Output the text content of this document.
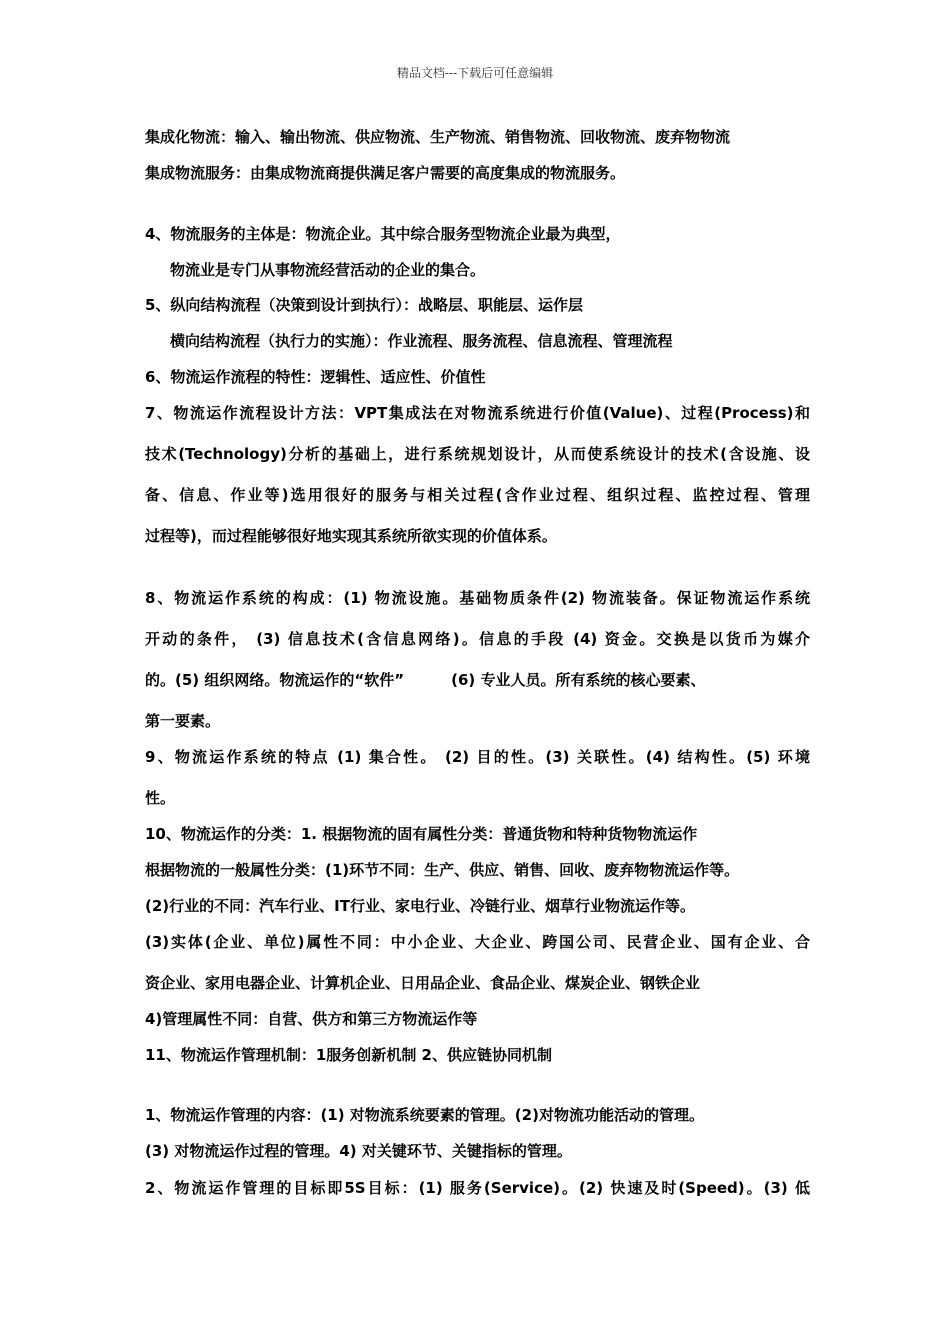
精品文档---下载后可任意编辑
集成化物流：输入、输出物流、供应物流、生产物流、销售物流、回收物流、废弃物物流
集成物流服务：由集成物流商提供满足客户需要的高度集成的物流服务。
4、物流服务的主体是：物流企业。其中综合服务型物流企业最为典型，
物流业是专门从事物流经营活动的企业的集合。
5、纵向结构流程（决策到设计到执行）：战略层、职能层、运作层
横向结构流程（执行力的实施）：作业流程、服务流程、信息流程、管理流程
6、物流运作流程的特性：逻辑性、适应性、价值性
7、物流运作流程设计方法：VPT集成法在对物流系统进行价值(Value)、过程(Process)和
技术(Technology)分析的基础上，进行系统规划设计，从而使系统设计的技术(含设施、设
备、信息、作业等)选用很好的服务与相关过程(含作业过程、组织过程、监控过程、管理
过程等)，而过程能够很好地实现其系统所欲实现的价值体系。
8、物流运作系统的构成：(1) 物流设施。基础物质条件(2) 物流装备。保证物流运作系统
开动的条件， (3) 信息技术(含信息网络)。信息的手段 (4) 资金。交换是以货币为媒介
的。(5) 组织网络。物流运作的“软件”         (6) 专业人员。所有系统的核心要素、
第一要素。
9、物流运作系统的特点 (1) 集合性。 (2) 目的性。(3) 关联性。(4) 结构性。(5) 环境
性。
10、物流运作的分类：1. 根据物流的固有属性分类：普通货物和特种货物物流运作
根据物流的一般属性分类：(1)环节不同：生产、供应、销售、回收、废弃物物流运作等。
(2)行业的不同：汽车行业、IT行业、家电行业、冷链行业、烟草行业物流运作等。
(3)实体(企业、单位)属性不同：中小企业、大企业、跨国公司、民营企业、国有企业、合
资企业、家用电器企业、计算机企业、日用品企业、食品企业、煤炭企业、钢铁企业
4)管理属性不同：自营、供方和第三方物流运作等
11、物流运作管理机制：1服务创新机制 2、供应链协同机制
1、物流运作管理的内容：(1) 对物流系统要素的管理。(2)对物流功能活动的管理。
(3) 对物流运作过程的管理。4) 对关键环节、关键指标的管理。
2、物流运作管理的目标即5S目标：(1) 服务(Service)。(2) 快速及时(Speed)。(3) 低
